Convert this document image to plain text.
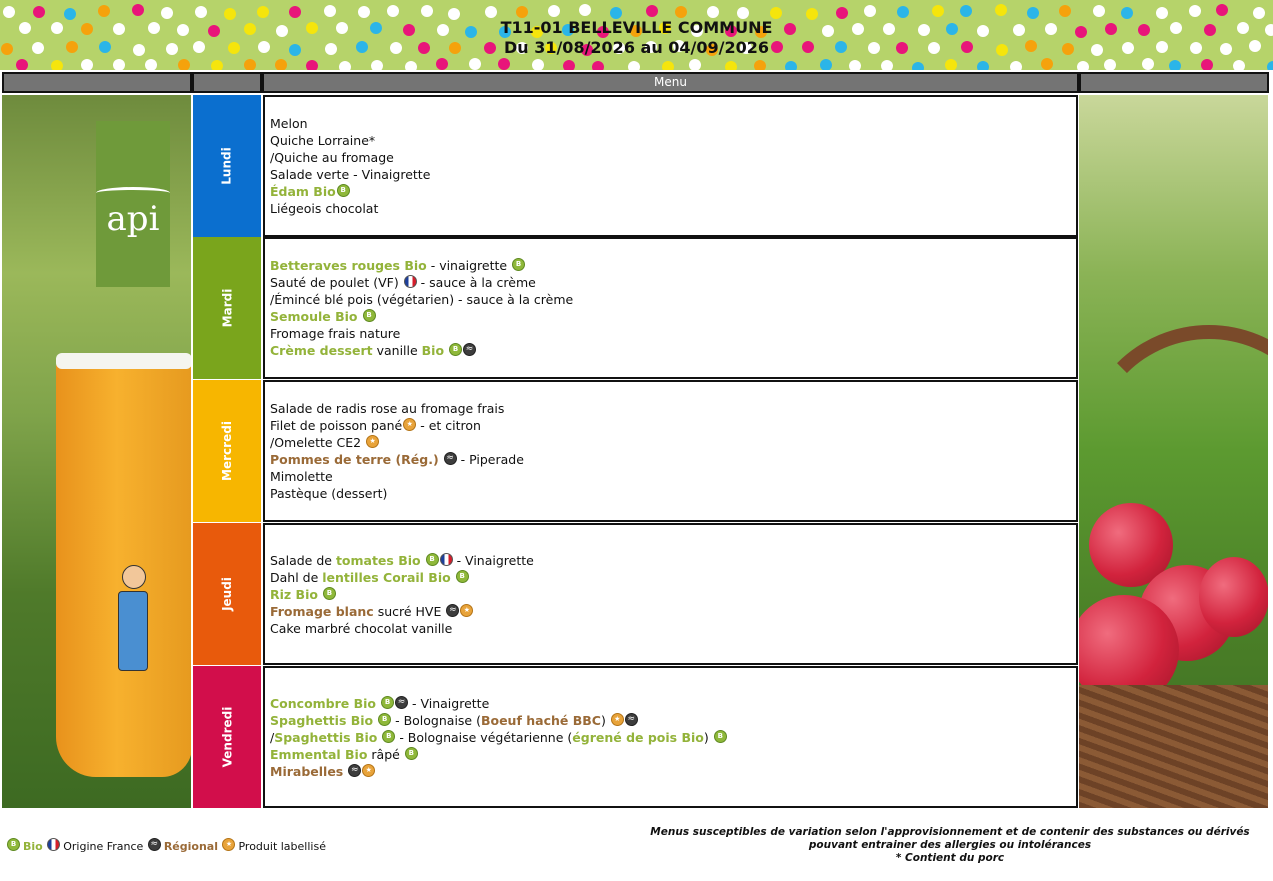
T11-01 BELLEVILLE COMMUNE
Du 31/08/2026 au 04/09/2026
Menu
api
Lundi
Melon
Quiche Lorraine*
/Quiche au fromage
Salade verte - Vinaigrette
Édam BioB
Liégeois chocolat
Mardi
Betteraves rouges Bio - vinaigrette B
Sauté de poulet (VF)  - sauce à la crème
/Émincé blé pois (végétarien) - sauce à la crème
Semoule Bio B
Fromage frais nature
Crème dessert vanille Bio B≈
Mercredi
Salade de radis rose au fromage frais
Filet de poisson pané★ - et citron
/Omelette CE2 ★
Pommes de terre (Rég.) ≈ - Piperade
Mimolette
Pastèque (dessert)
Jeudi
Salade de tomates Bio B	- Vinaigrette
Dahl de lentilles Corail Bio B
Riz Bio B
Fromage blanc sucré HVE ≈★
Cake marbré chocolat vanille
Vendredi
Concombre Bio B ≈	- Vinaigrette
Spaghettis Bio B - Bolognaise (Boeuf haché BBC) ★≈
/Spaghettis Bio B - Bolognaise végétarienne (égrené de pois Bio) B
Emmental Bio râpé B
Mirabelles ≈★
BBio Origine France ≈ Régional ★ Produit labellisé
Menus susceptibles de variation selon l'approvisionnement et de contenir des substances ou dérivés
pouvant entrainer des allergies ou intolérances
* Contient du porc
